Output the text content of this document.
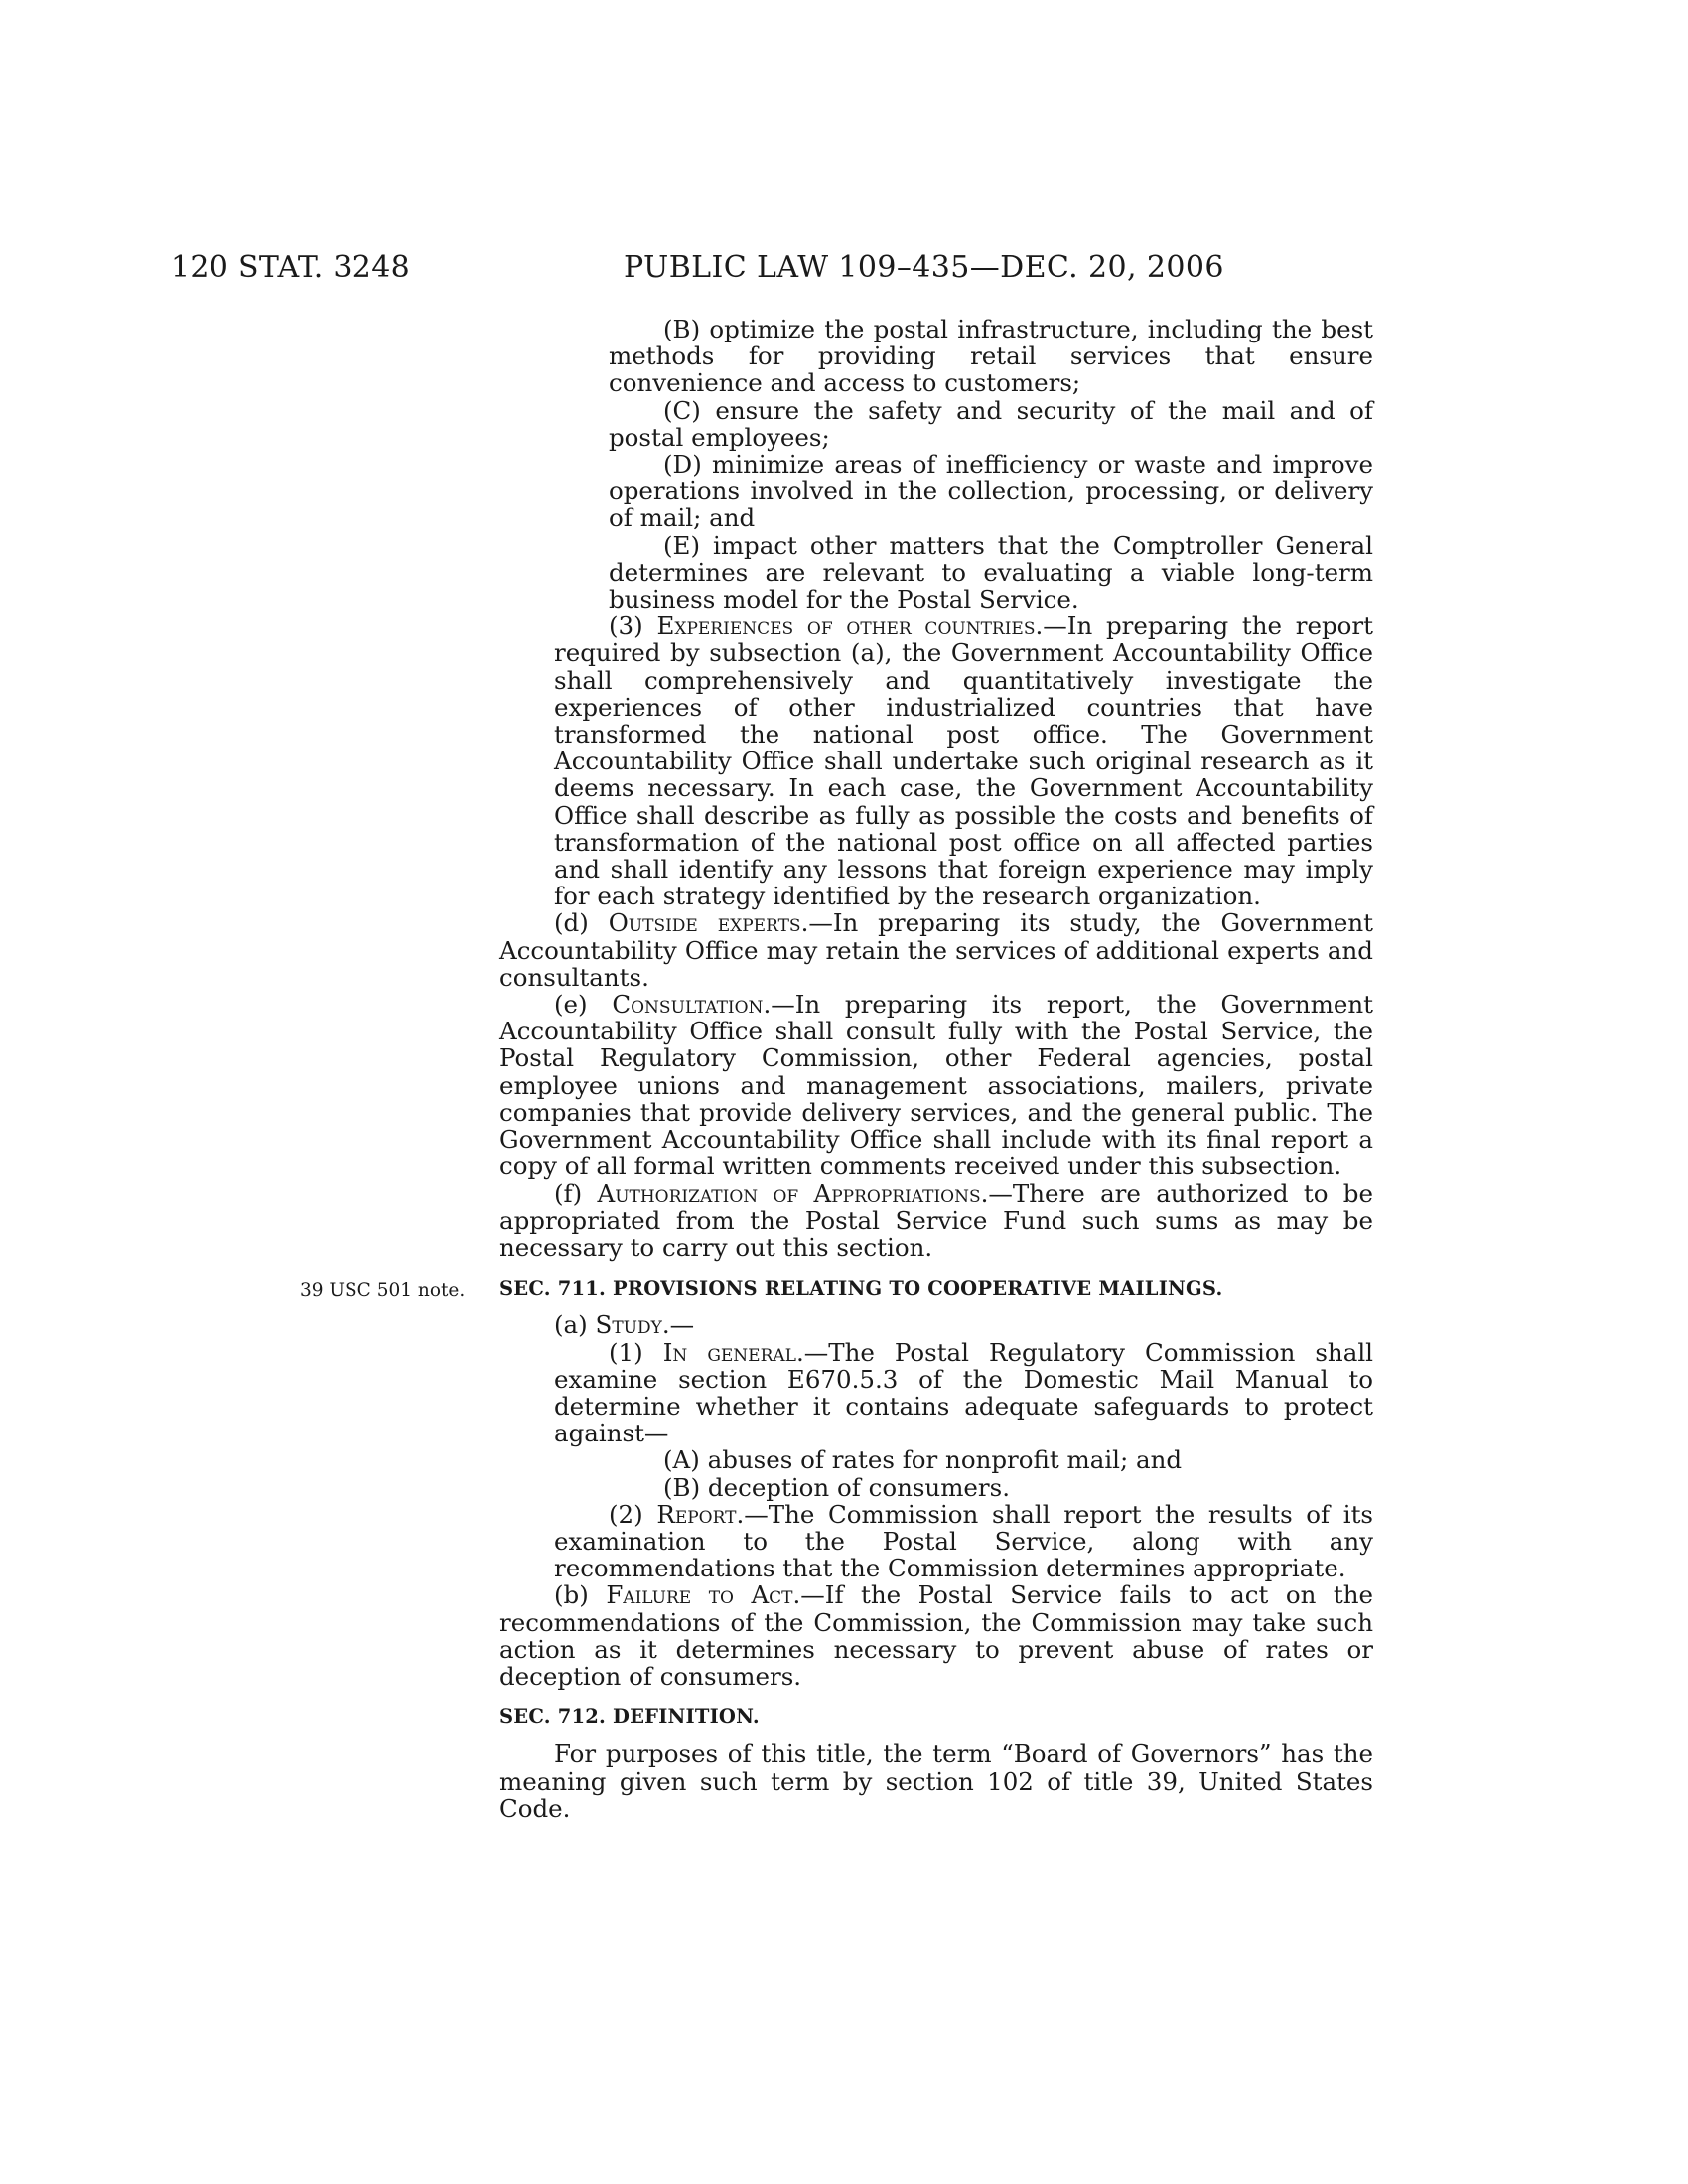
120 STAT. 3248	PUBLIC LAW 109–435—DEC. 20, 2006

(B) optimize the postal infrastructure, including the best methods for providing retail services that ensure convenience and access to customers;

(C) ensure the safety and security of the mail and of postal employees;

(D) minimize areas of inefficiency or waste and improve operations involved in the collection, processing, or delivery of mail; and

(E) impact other matters that the Comptroller General determines are relevant to evaluating a viable long-term business model for the Postal Service.

(3) Experiences of other countries.—In preparing the report required by subsection (a), the Government Accountability Office shall comprehensively and quantitatively investigate the experiences of other industrialized countries that have transformed the national post office. The Government Accountability Office shall undertake such original research as it deems necessary. In each case, the Government Accountability Office shall describe as fully as possible the costs and benefits of transformation of the national post office on all affected parties and shall identify any lessons that foreign experience may imply for each strategy identified by the research organization.

(d) Outside experts.—In preparing its study, the Government Accountability Office may retain the services of additional experts and consultants.

(e) Consultation.—In preparing its report, the Government Accountability Office shall consult fully with the Postal Service, the Postal Regulatory Commission, other Federal agencies, postal employee unions and management associations, mailers, private companies that provide delivery services, and the general public. The Government Accountability Office shall include with its final report a copy of all formal written comments received under this subsection.

(f) Authorization of Appropriations.—There are authorized to be appropriated from the Postal Service Fund such sums as may be necessary to carry out this section.

39 USC 501 note. SEC. 711. PROVISIONS RELATING TO COOPERATIVE MAILINGS.

(a) Study.—

(1) In general.—The Postal Regulatory Commission shall examine section E670.5.3 of the Domestic Mail Manual to determine whether it contains adequate safeguards to protect against—

(A) abuses of rates for nonprofit mail; and

(B) deception of consumers.

(2) Report.—The Commission shall report the results of its examination to the Postal Service, along with any recommendations that the Commission determines appropriate.

(b) Failure to Act.—If the Postal Service fails to act on the recommendations of the Commission, the Commission may take such action as it determines necessary to prevent abuse of rates or deception of consumers.

SEC. 712. DEFINITION.

For purposes of this title, the term “Board of Governors” has the meaning given such term by section 102 of title 39, United States Code.
